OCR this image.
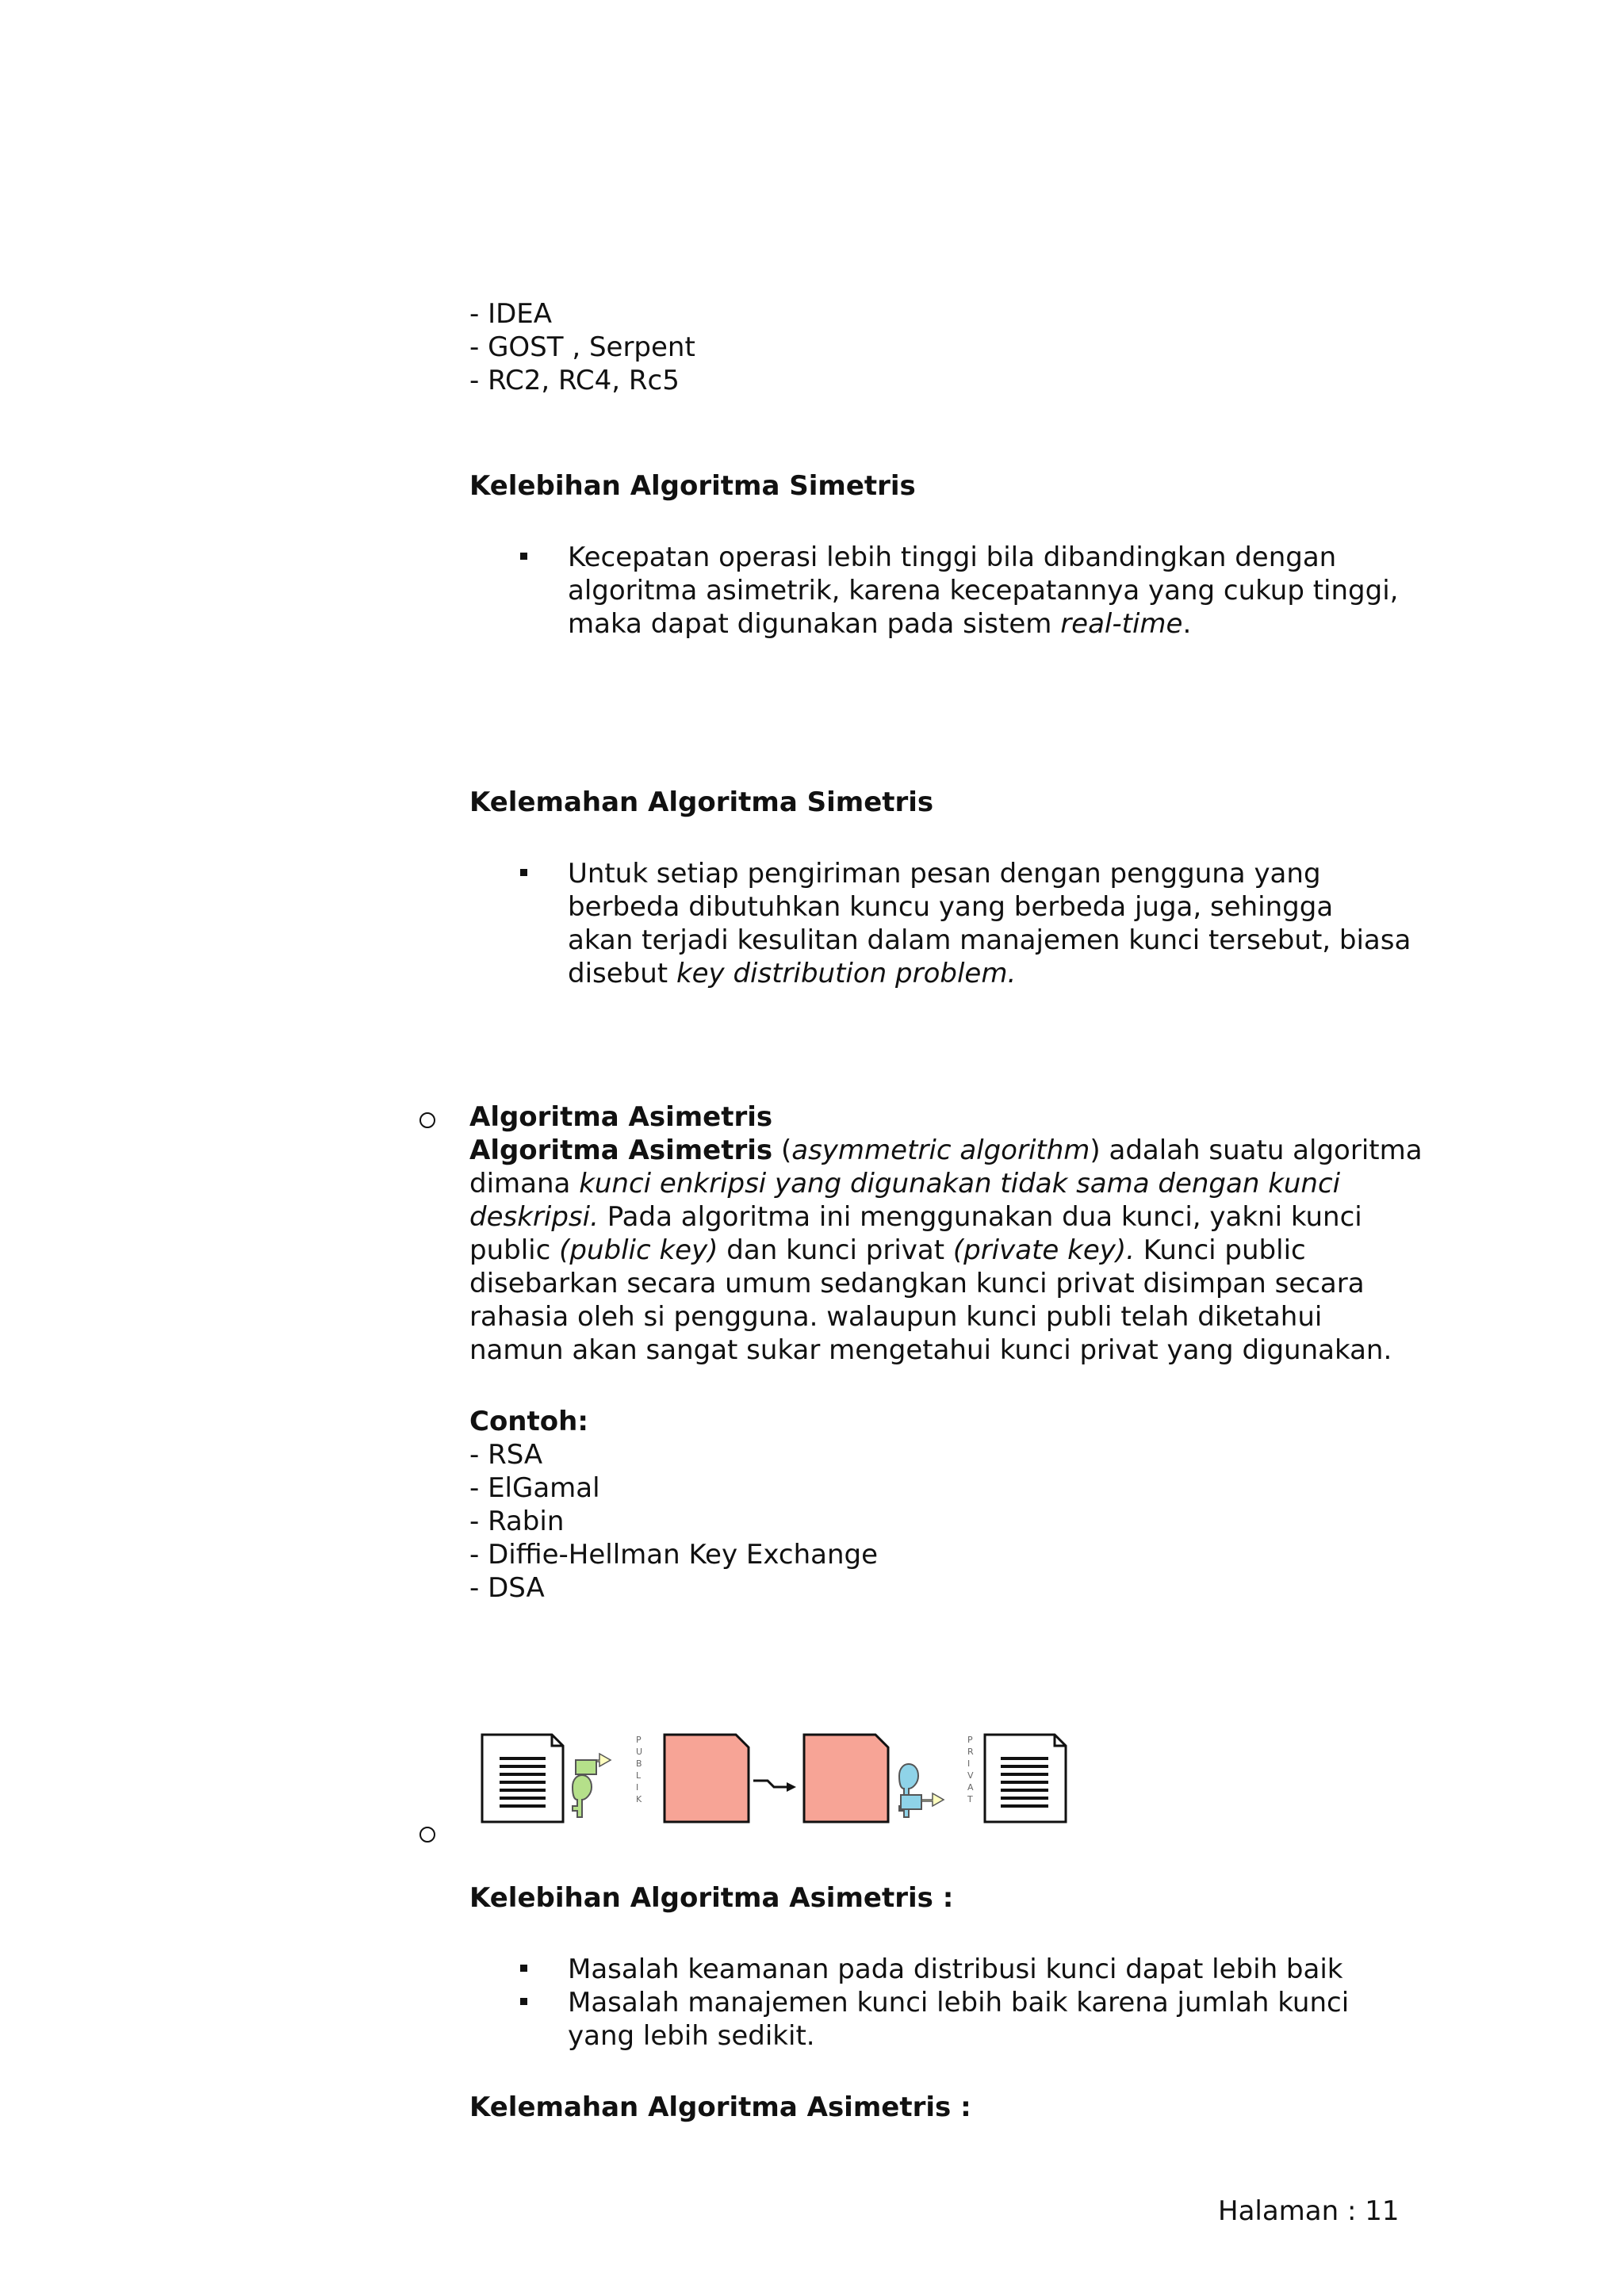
- IDEA
- GOST , Serpent
- RC2, RC4, Rc5
Kelebihan Algoritma Simetris
Kecepatan operasi lebih tinggi bila dibandingkan dengan
algoritma asimetrik, karena kecepatannya yang cukup tinggi,
maka dapat digunakan pada sistem real-time.
Kelemahan Algoritma Simetris
Untuk setiap pengiriman pesan dengan pengguna yang
berbeda dibutuhkan kuncu yang berbeda juga, sehingga
akan terjadi kesulitan dalam manajemen kunci tersebut, biasa
disebut key distribution problem.
Algoritma Asimetris
Algoritma Asimetris (asymmetric algorithm) adalah suatu algoritma
dimana kunci enkripsi yang digunakan tidak sama dengan kunci
deskripsi. Pada algoritma ini menggunakan dua kunci, yakni kunci
public (public key) dan kunci privat (private key). Kunci public
disebarkan secara umum sedangkan kunci privat disimpan secara
rahasia oleh si pengguna. walaupun kunci publi telah diketahui
namun akan sangat sukar mengetahui kunci privat yang digunakan.
Contoh:
- RSA
- ElGamal
- Rabin
- Diffie-Hellman Key Exchange
- DSA
P U B L I K
P R I V A T
Kelebihan Algoritma Asimetris :
Masalah keamanan pada distribusi kunci dapat lebih baik
Masalah manajemen kunci lebih baik karena jumlah kunci
yang lebih sedikit.
Kelemahan Algoritma Asimetris :
Halaman : 11
